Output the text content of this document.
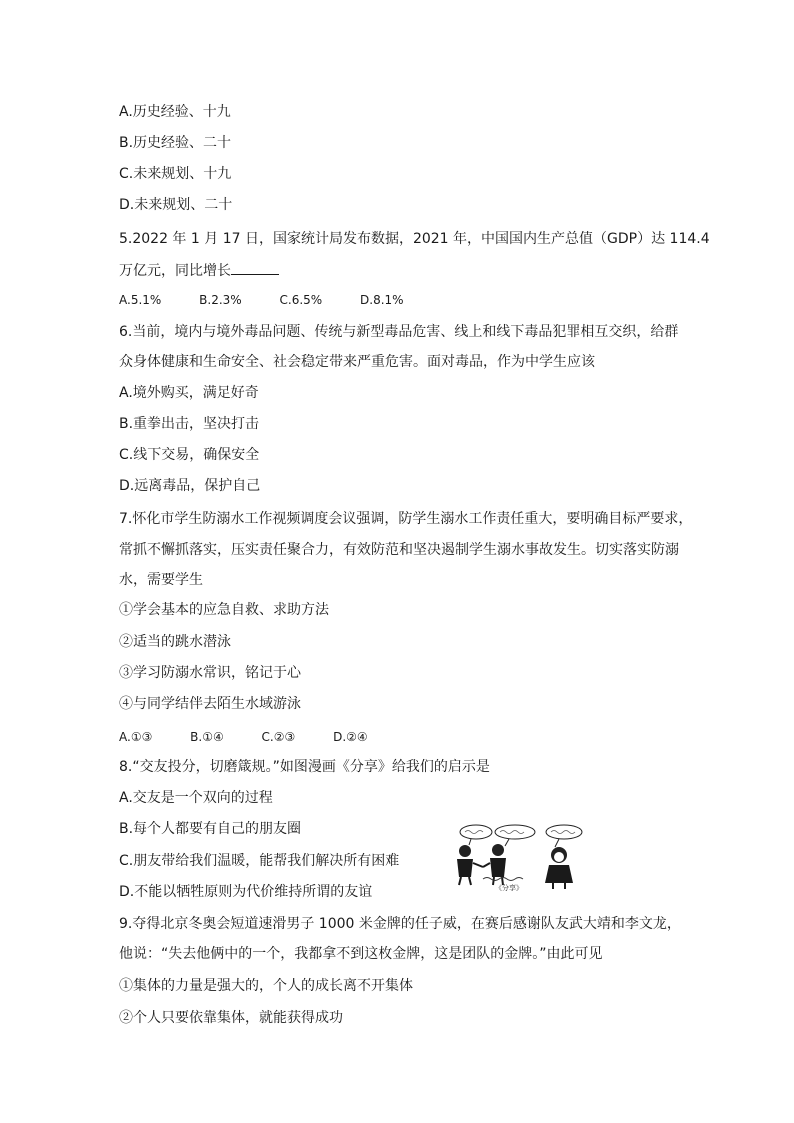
A.历史经验、十九
B.历史经验、二十
C.未来规划、十九
D.未来规划、二十
5.2022 年 1 月 17 日，国家统计局发布数据，2021 年，中国国内生产总值（GDP）达 114.4
万亿元，同比增长
A.5.1%	B.2.3%	C.6.5%	D.8.1%
6.当前，境内与境外毒品问题、传统与新型毒品危害、线上和线下毒品犯罪相互交织，给群
众身体健康和生命安全、社会稳定带来严重危害。面对毒品，作为中学生应该
A.境外购买，满足好奇
B.重拳出击，坚决打击
C.线下交易，确保安全
D.远离毒品，保护自己
7.怀化市学生防溺水工作视频调度会议强调，防学生溺水工作责任重大，要明确目标严要求，
常抓不懈抓落实，压实责任聚合力，有效防范和坚决遏制学生溺水事故发生。切实落实防溺
水，需要学生
①学会基本的应急自救、求助方法
②适当的跳水潜泳
③学习防溺水常识，铭记于心
④与同学结伴去陌生水域游泳
A.①③	B.①④	C.②③	D.②④
8.“交友投分，切磨箴规。”如图漫画《分享》给我们的启示是
A.交友是一个双向的过程
B.每个人都要有自己的朋友圈
C.朋友带给我们温暖，能帮我们解决所有困难
D.不能以牺牲原则为代价维持所谓的友谊	《分享》
9.夺得北京冬奥会短道速滑男子 1000 米金牌的任子威，在赛后感谢队友武大靖和李文龙，
他说：“失去他俩中的一个，我都拿不到这枚金牌，这是团队的金牌。”由此可见
①集体的力量是强大的，个人的成长离不开集体
②个人只要依靠集体，就能获得成功
